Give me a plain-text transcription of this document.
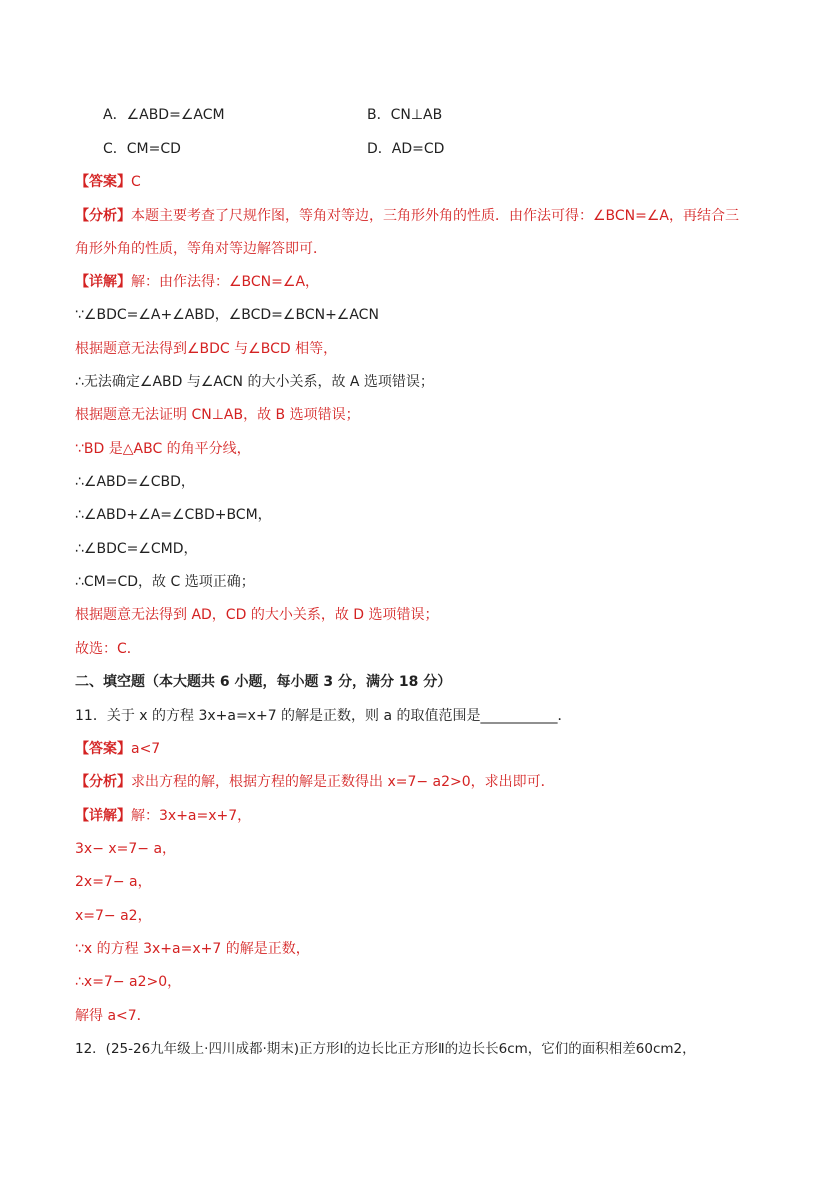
A．∠ABD=∠ACM	B．CN⊥AB
C．CM=CD	D．AD=CD
【答案】C
【分析】本题主要考查了尺规作图，等角对等边，三角形外角的性质．由作法可得：∠BCN=∠A，再结合三
角形外角的性质，等角对等边解答即可．
【详解】解：由作法得：∠BCN=∠A，
∵∠BDC=∠A+∠ABD，∠BCD=∠BCN+∠ACN
根据题意无法得到∠BDC 与∠BCD 相等，
∴无法确定∠ABD 与∠ACN 的大小关系，故 A 选项错误；
根据题意无法证明 CN⊥AB，故 B 选项错误；
∵BD 是△ABC 的角平分线，
∴∠ABD=∠CBD，
∴∠ABD+∠A=∠CBD+BCM，
∴∠BDC=∠CMD，
∴CM=CD，故 C 选项正确；
根据题意无法得到 AD，CD 的大小关系，故 D 选项错误；
故选：C．
二、填空题（本大题共 6 小题，每小题 3 分，满分 18 分）
11．关于 x 的方程 3x+a=x+7 的解是正数，则 a 的取值范围是___________．
【答案】a<7
【分析】求出方程的解，根据方程的解是正数得出 x=7− a2>0，求出即可．
【详解】解：3x+a=x+7，
3x− x=7− a，
2x=7− a，
x=7− a2，
∵x 的方程 3x+a=x+7 的解是正数，
∴x=7− a2>0，
解得 a<7．
12．(25-26九年级上·四川成都·期末)正方形Ⅰ的边长比正方形Ⅱ的边长长6cm，它们的面积相差60cm2，
